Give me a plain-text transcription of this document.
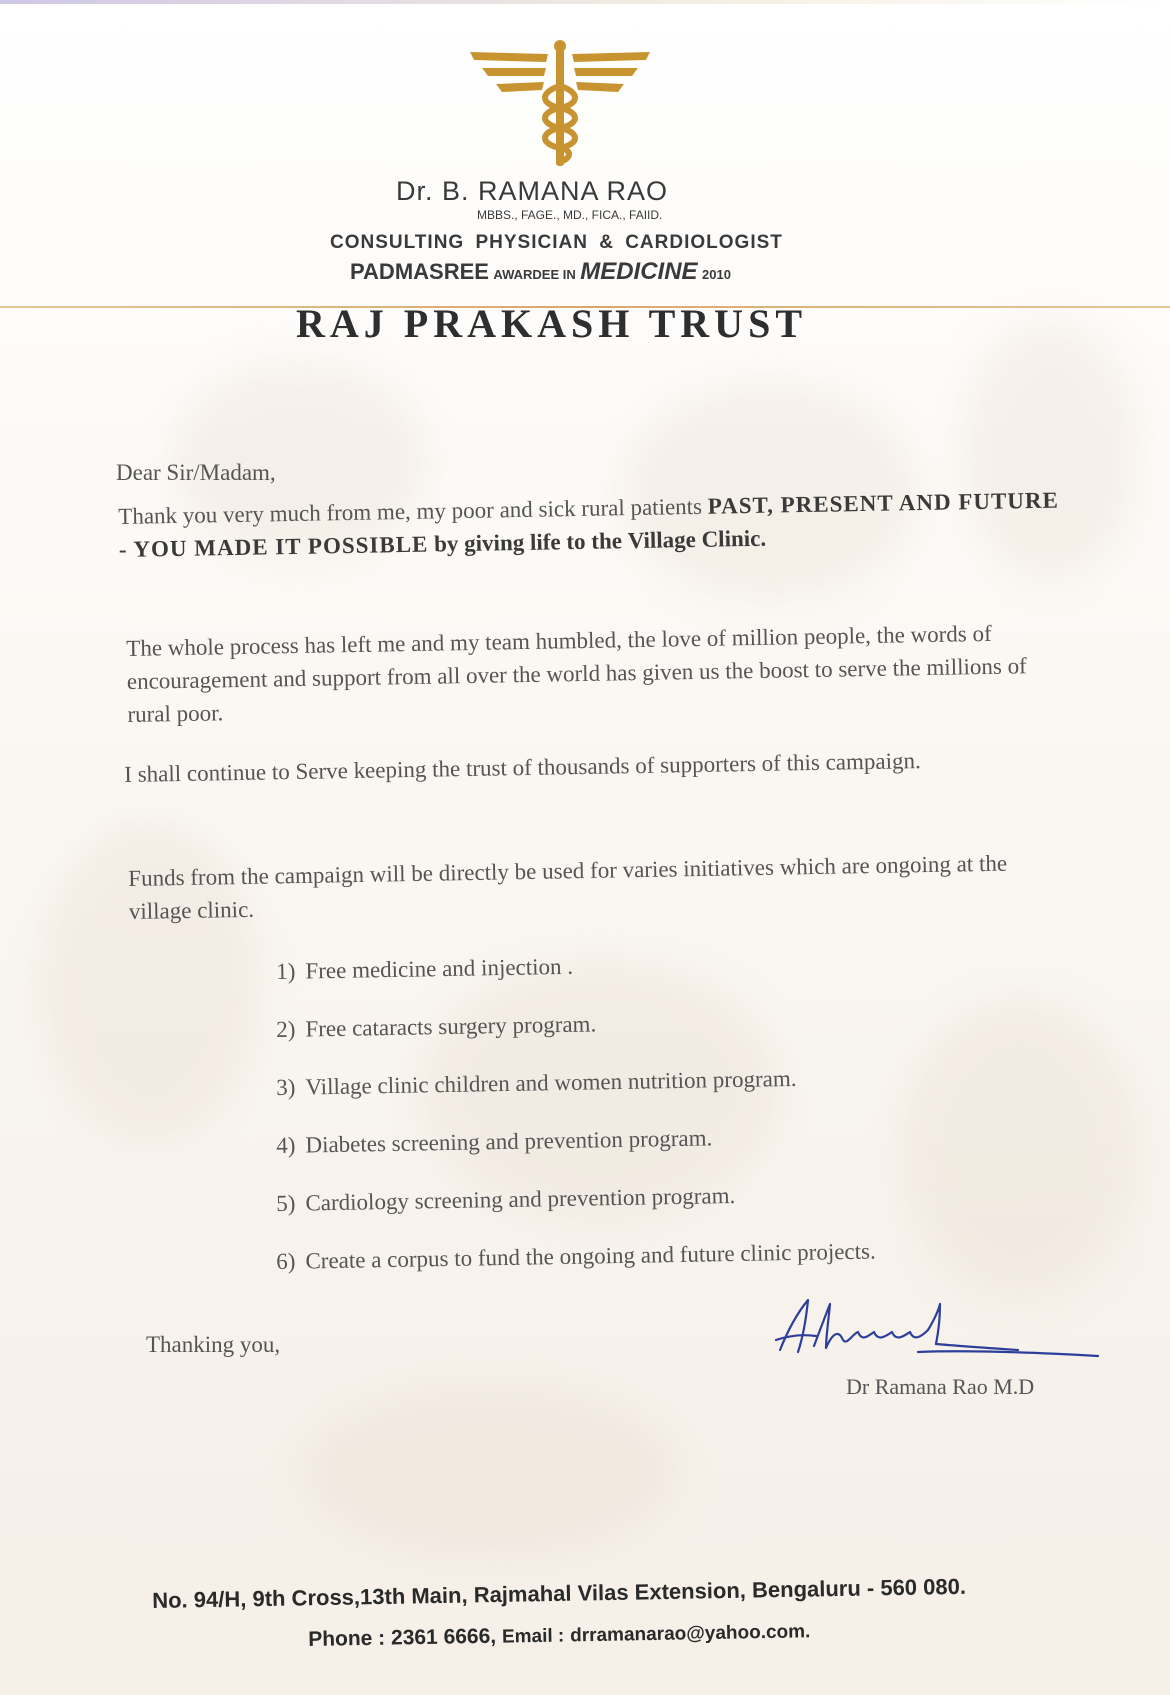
Dr. B. RAMANA RAO
MBBS., FAGE., MD., FICA., FAIID.
CONSULTING PHYSICIAN & CARDIOLOGIST
PADMASREE AWARDEE IN MEDICINE 2010
RAJ PRAKASH TRUST
Dear Sir/Madam,
Thank you very much from me, my poor and sick rural patients PAST, PRESENT AND FUTURE - YOU MADE IT POSSIBLE by giving life to the Village Clinic.
The whole process has left me and my team humbled, the love of million people, the words of encouragement and support from all over the world has given us the boost to serve the millions of rural poor.
I shall continue to Serve keeping the trust of thousands of supporters of this campaign.
Funds from the campaign will be directly be used for varies initiatives which are ongoing at the village clinic.
1) Free medicine and injection .
2) Free cataracts surgery program.
3) Village clinic children and women nutrition program.
4) Diabetes screening and prevention program.
5) Cardiology screening and prevention program.
6) Create a corpus to fund the ongoing and future clinic projects.
Thanking you,
Dr Ramana Rao M.D
No. 94/H, 9th Cross,13th Main, Rajmahal Vilas Extension, Bengaluru - 560 080.
Phone : 2361 6666, Email : drramanarao@yahoo.com.
